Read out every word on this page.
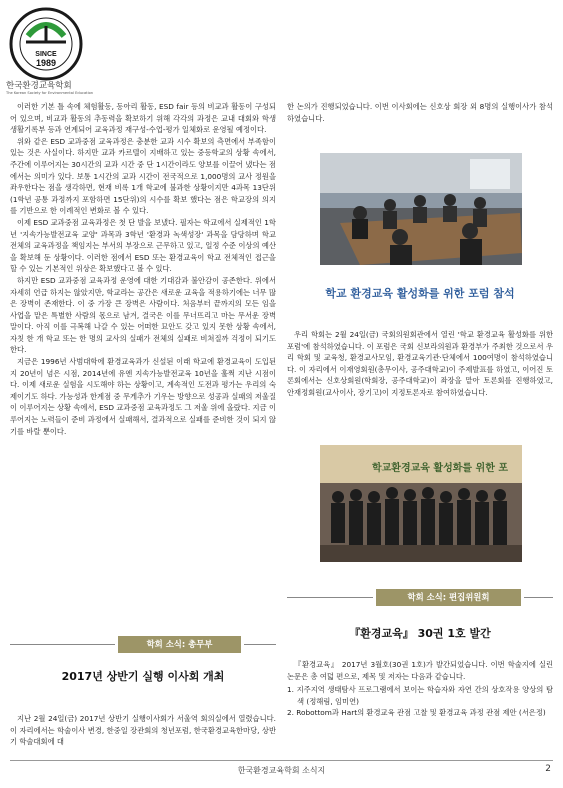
SINCE
1989
한국환경교육학회
The Korean Society for Environmental Education

이러한 기본 틀 속에 체험활동, 동아리 활동, ESD fair 등의 비교과 활동이 구성되어 있으며, 비교과 활동의 추동력을 확보하기 위해 각각의 과정은 교내 대회와 학생생활기록부 등과 연계되어 교육과정 재구성-수업-평가 일체화로 운영될 예정이다.

위와 같은 ESD 교과중점 교육과정은 충분한 교과 시수 확보의 측면에서 부족함이 있는 것은 사실이다. 하지만 교과 카르텔이 지배하고 있는 중등학교의 상황 속에서, 주간에 이루어지는 30시간의 교과 시간 중 단 1시간이라도 양보를 이끌어 냈다는 점에서는 의미가 있다. 보통 1시간의 교과 시간이 전국적으로 1,000명의 교사 정원을 좌우한다는 점을 생각하면, 현재 비록 1개 학교에 불과한 상황이지만 4과목 13단위(1학년 공통 과정까지 포함하면 15단위)의 시수를 확보 했다는 점은 학교장의 의지를 기반으로 한 이례적인 변화로 볼 수 있다.

이제 ESD 교과중점 교육과정은 첫 단 발을 보냈다. 필자는 학교에서 실제적인 1학년 '지속가능발전교육 교양' 과목과 3학년 '환경과 녹색성장' 과목을 담당하며 학교 전체의 교육과정을 책임지는 부서의 부장으로 근무하고 있고, 일정 수준 이상의 예산을 확보해 둔 상황이다. 이러한 점에서 ESD 또는 환경교육이 학교 전체적인 접근을 할 수 있는 기본적인 위상은 확보했다고 볼 수 있다.

하지만 ESD 교과중점 교육과정 운영에 대한 기대감과 불안감이 공존한다. 위에서 자세히 언급 하지는 않았지만, 학교라는 공간은 새로운 교육을 적용하기에는 너무 많은 장벽이 존재한다. 이 중 가장 큰 장벽은 사람이다. 처음부터 끝까지의 모든 임을 사업을 맡은 특별한 사람의 몫으로 남겨, 결국은 이를 무너뜨리고 마는 무서운 장벽 말이다. 아직 이를 극복해 나갈 수 있는 어떠한 묘안도 갖고 있지 못한 상황 속에서, 자칫 한 개 학교 또는 한 명의 교사의 실패가 전체의 실패로 비쳐질까 걱정이 되기도 한다.

지금은 1996년 사범대학에 환경교육과가 신설된 이래 학교에 환경교육이 도입된 지 20년이 넘은 시점, 2014년에 유엔 지속가능발전교육 10년을 훌쩍 지난 시점이다. 이제 새로운 실험을 시도해야 하는 상황이고, 계속적인 도전과 평가는 우리의 숙제이기도 하다. 가능성과 한계점 중 무게추가 기우는 방향으로 성공과 실패의 저울질이 이루어지는 상황 속에서, ESD 교과중점 교육과정도 그 저울 위에 올랐다. 지금 이루어지는 노력들이 준비 과정에서 실패해서, 결과적으로 실패를 준비한 것이 되지 않기를 바랄 뿐이다.

학회 소식: 총무부
2017년 상반기 실행 이사회 개최

지난 2월 24일(금) 2017년 상반기 실행이사회가 서울역 회의실에서 열렸습니다. 이 자리에서는 학술이사 변경, 한중일 장관회의 청년포럼, 한국환경교육한마당, 상반기 학술대회에 대

한 논의가 진행되었습니다. 이번 이사회에는 신호상 회장 외 8명의 실행이사가 참석하였습니다.

학교 환경교육 활성화를 위한 포럼 참석

우리 학회는 2월 24일(금) 국회의원회관에서 열린 '학교 환경교육 활성화를 위한 포럼'에 참석하였습니다. 이 포럼은 국회 신보라의원과 환경부가 주최한 것으로서 우리 학회 및 교육청, 환경교사모임, 환경교육기관·단체에서 100여명이 참석하였습니다. 이 자리에서 이재영회원(총무이사, 공주대학교)이 주제발표를 하였고, 이어진 토론회에서는 신호상회원(학회장, 공주대학교)이 좌장을 맡아 토론회를 진행하였고, 안재정회원(교사이사, 장기고)이 지정토론자로 참여하였습니다.

학교환경교육 활성화를 위한 포
학회 소식: 편집위원회
『환경교육』 30권 1호 발간

『환경교육』 2017년 3월호(30권 1호)가 발간되었습니다. 이번 학술지에 실린 논문은 총 여덟 편으로, 제목 및 저자는 다음과 같습니다.

1. 지주지역 생태탐사 프로그램에서 보이는 학습자와 자연 간의 상호작용 양상의 탐색 (정해림, 임미연)

2. Robottom과 Hart의 환경교육 관점 고찰 및 환경교육 과정 관점 제안 (서은정)

한국환경교육학회 소식지	2
